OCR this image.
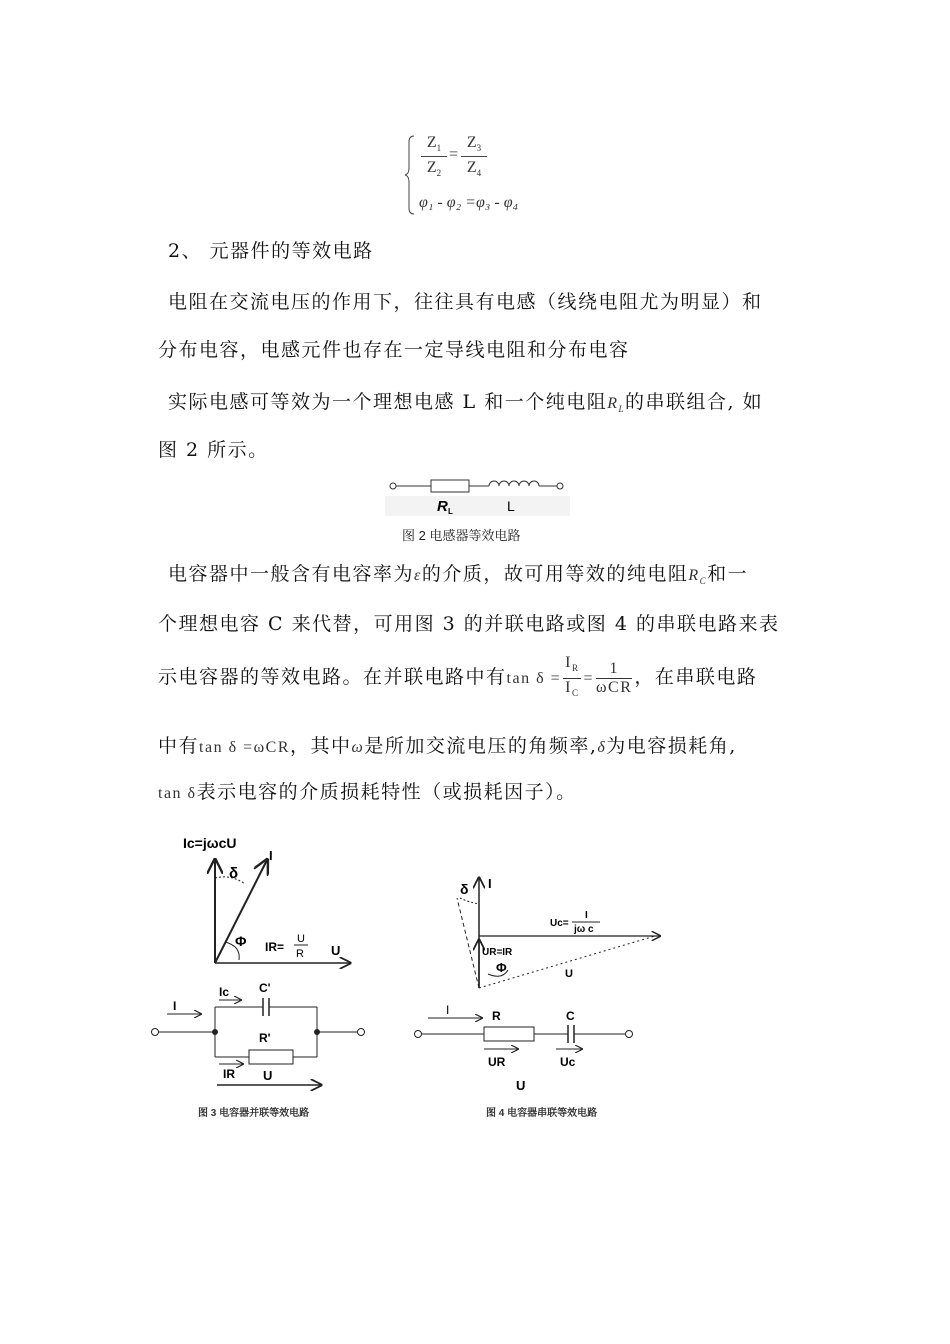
$Z_1$
$Z_2$
=
$Z_3$
$Z_4$
φ₁ - φ₂ =φ₃ - φ₄
2、 元器件的等效电路
电阻在交流电压的作用下，往往具有电感（线绕电阻尤为明显）和
分布电容，电感元件也存在一定导线电阻和分布电容
实际电感可等效为一个理想电感 L 和一个纯电阻$R_L$的串联组合, 如
图 2 所示。
R L	L
图 2 电感器等效电路
电容器中一般含有电容率为ε的介质，故可用等效的纯电阻$R_C$和一
个理想电容 C 来代替，可用图 3 的并联电路或图 4 的串联电路来表
示电容器的等效电路。在并联电路中有$\tan \delta = \frac{I_R}{I_C} = \frac{1}{\text{ωCR}}$ ，在串联电路
中有tan δ =ωCR，其中ω是所加交流电压的角频率,δ为电容损耗角,
tan δ表示电容的介质损耗特性（或损耗因子）。
Ic=jωcU
I
δ
Φ IR=
U
R U
I
Ic C'
R'
IR U
图 3 电容器并联等效电路
I
δ
Uc=
I
jω c
UR=IR
Φ	U
I	R	C
UR	Uc
U
图 4 电容器串联等效电路
